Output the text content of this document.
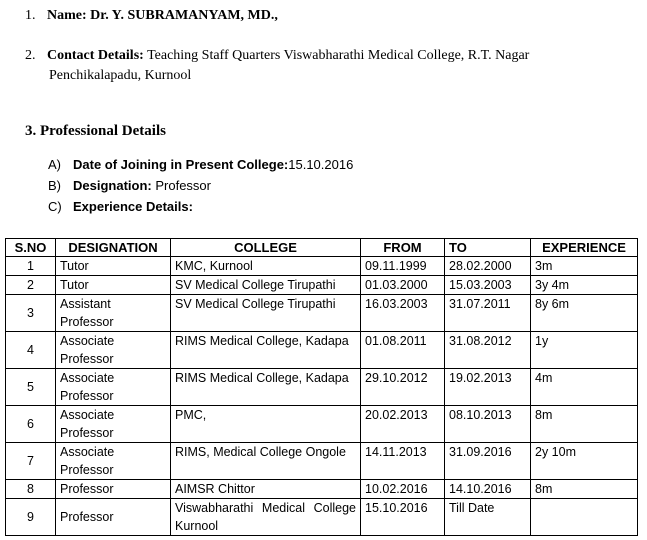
1. Name: Dr. Y. SUBRAMANYAM, MD.,
2. Contact Details: Teaching Staff Quarters Viswabharathi Medical College, R.T. Nagar
Penchikalapadu, Kurnool
3. Professional Details
A) Date of Joining in Present College:15.10.2016
B) Designation: Professor
C) Experience Details:
S.NO	DESIGNATION	COLLEGE	FROM	TO	EXPERIENCE
1	Tutor	KMC, Kurnool	09.11.1999	28.02.2000	3m
2	Tutor	SV Medical College Tirupathi	01.03.2000	15.03.2003	3y 4m
3	Assistant Professor	SV Medical College Tirupathi	16.03.2003	31.07.2011	8y 6m
4	Associate Professor	RIMS Medical College, Kadapa	01.08.2011	31.08.2012	1y
5	Associate Professor	RIMS Medical College, Kadapa	29.10.2012	19.02.2013	4m
6	Associate Professor	PMC,	20.02.2013	08.10.2013	8m
7	Associate Professor	RIMS, Medical College Ongole	14.11.2013	31.09.2016	2y 10m
8	Professor	AIMSR Chittor	10.02.2016	14.10.2016	8m
9	Professor	Viswabharathi Medical College Kurnool	15.10.2016	Till Date	
